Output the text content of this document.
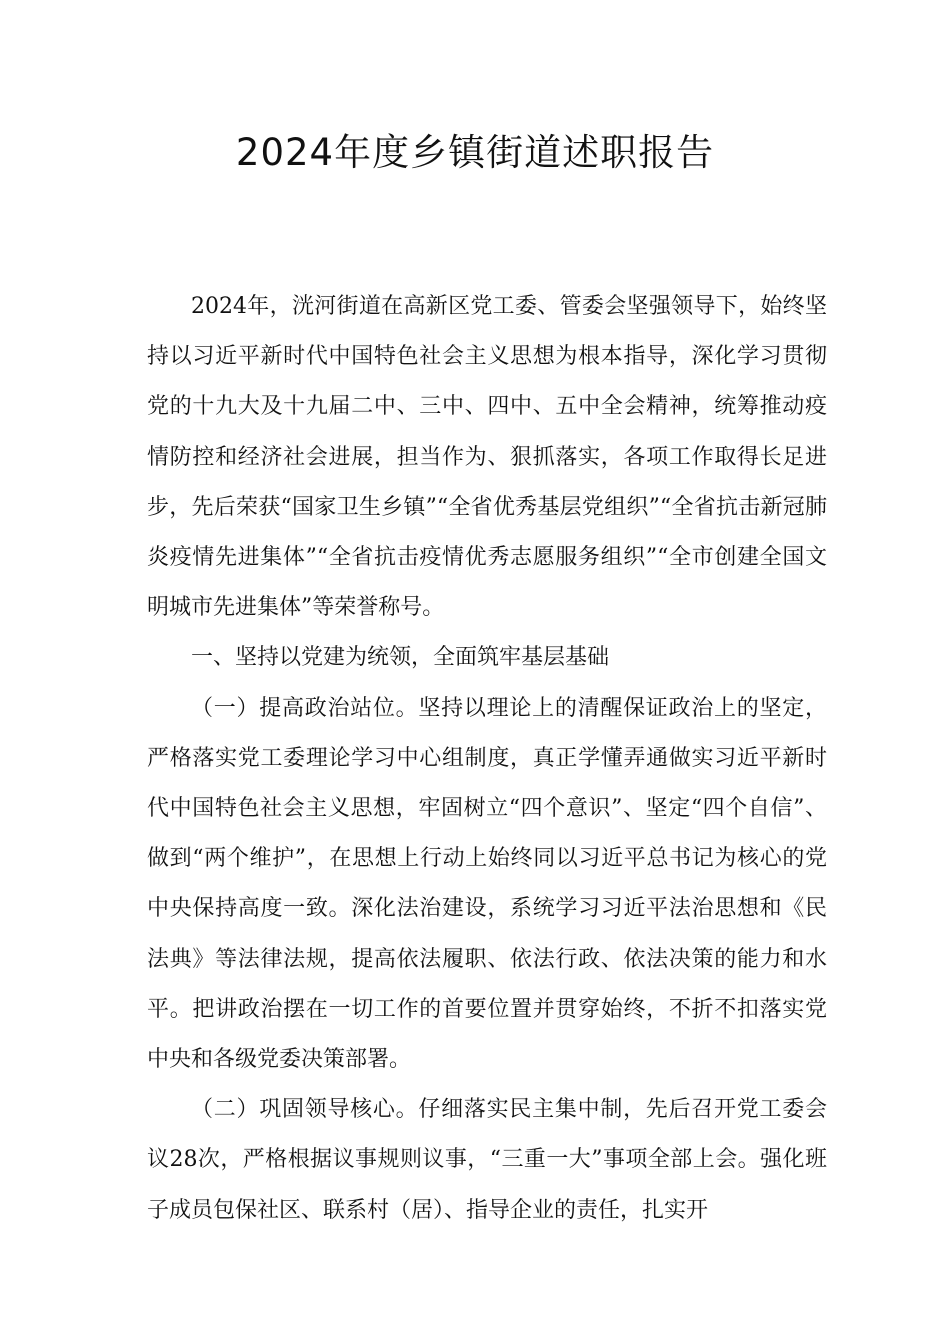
2024年度乡镇街道述职报告

2024年，洸河街道在高新区党工委、管委会坚强领导下，始终坚持以习近平新时代中国特色社会主义思想为根本指导，深化学习贯彻党的十九大及十九届二中、三中、四中、五中全会精神，统筹推动疫情防控和经济社会进展，担当作为、狠抓落实，各项工作取得长足进步，先后荣获“国家卫生乡镇”“全省优秀基层党组织”“全省抗击新冠肺炎疫情先进集体”“全省抗击疫情优秀志愿服务组织”“全市创建全国文明城市先进集体”等荣誉称号。

一、坚持以党建为统领，全面筑牢基层基础

（一）提高政治站位。坚持以理论上的清醒保证政治上的坚定，严格落实党工委理论学习中心组制度，真正学懂弄通做实习近平新时代中国特色社会主义思想，牢固树立“四个意识”、坚定“四个自信”、做到“两个维护”，在思想上行动上始终同以习近平总书记为核心的党中央保持高度一致。深化法治建设，系统学习习近平法治思想和《民法典》等法律法规，提高依法履职、依法行政、依法决策的能力和水平。把讲政治摆在一切工作的首要位置并贯穿始终，不折不扣落实党中央和各级党委决策部署。

（二）巩固领导核心。仔细落实民主集中制，先后召开党工委会议28次，严格根据议事规则议事，“三重一大”事项全部上会。强化班子成员包保社区、联系村（居）、指导企业的责任，扎实开
